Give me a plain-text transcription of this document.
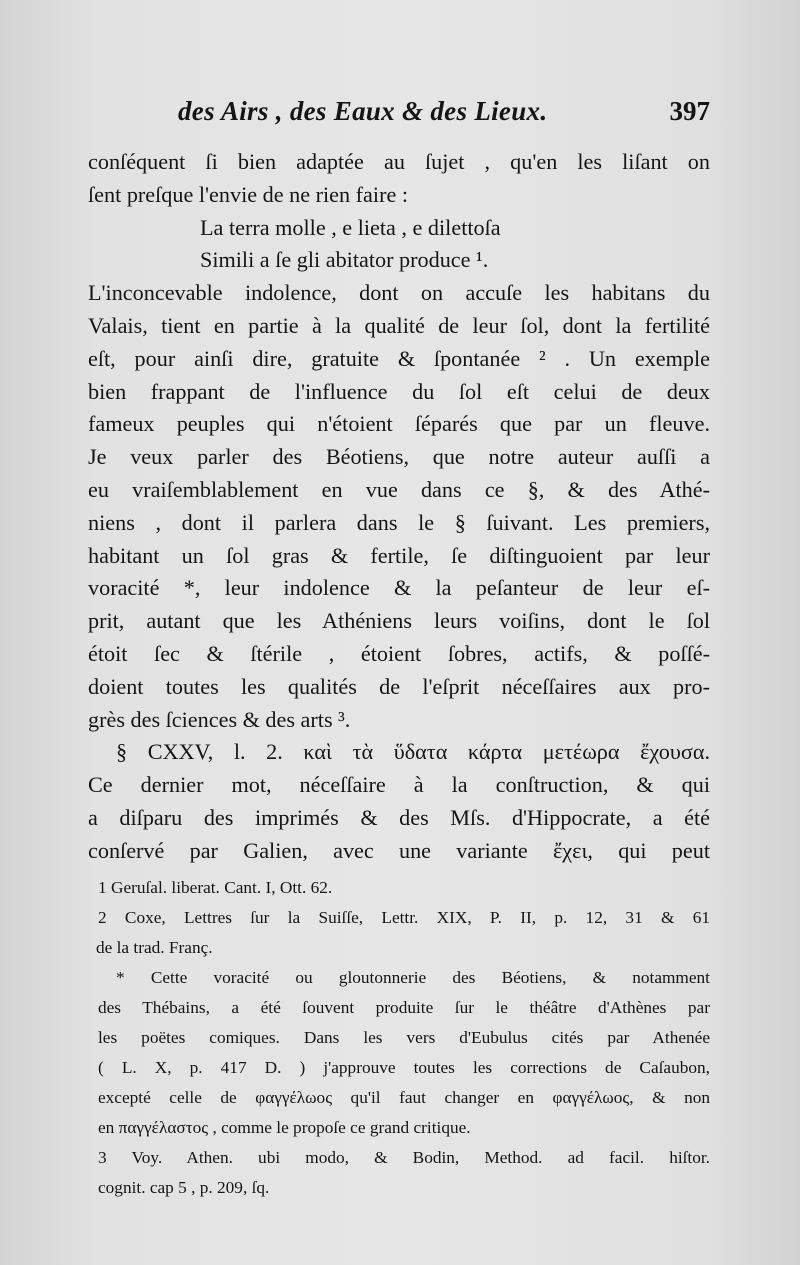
des Airs , des Eaux & des Lieux.	397
conſéquent ſi bien adaptée au ſujet , qu'en les liſant on
ſent preſque l'envie de ne rien faire :
La terra molle , e lieta , e dilettoſa
Simili a ſe gli abitator produce ¹.
L'inconcevable indolence, dont on accuſe les habitans du
Valais, tient en partie à la qualité de leur ſol, dont la fertilité
eſt, pour ainſi dire, gratuite & ſpontanée ² . Un exemple
bien frappant de l'influence du ſol eſt celui de deux
fameux peuples qui n'étoient ſéparés que par un fleuve.
Je veux parler des Béotiens, que notre auteur auſſi a
eu vraiſemblablement en vue dans ce §, & des Athé-
niens , dont il parlera dans le § ſuivant. Les premiers,
habitant un ſol gras & fertile, ſe diſtinguoient par leur
voracité *, leur indolence & la peſanteur de leur eſ-
prit, autant que les Athéniens leurs voiſins, dont le ſol
étoit ſec & ſtérile , étoient ſobres, actifs, & poſſé-
doient toutes les qualités de l'eſprit néceſſaires aux pro-
grès des ſciences & des arts ³.
§ CXXV, l. 2. καὶ τὰ ὕδατα κάρτα μετέωρα ἔχουσα.
Ce dernier mot, néceſſaire à la conſtruction, & qui
a diſparu des imprimés & des Mſs. d'Hippocrate, a été
conſervé par Galien, avec une variante ἔχει, qui peut
1 Geruſal. liberat. Cant. I, Ott. 62.
2 Coxe, Lettres ſur la Suiſſe, Lettr. XIX, P. II, p. 12, 31 & 61
de la trad. Franç.
* Cette voracité ou gloutonnerie des Béotiens, & notamment
des Thébains, a été ſouvent produite ſur le théâtre d'Athènes par
les poëtes comiques. Dans les vers d'Eubulus cités par Athenée
( L. X, p. 417 D. ) j'approuve toutes les corrections de Caſaubon,
excepté celle de φαγγέλωος qu'il faut changer en φαγγέλωος, & non
en παγγέλαστος , comme le propoſe ce grand critique.
3 Voy. Athen. ubi modo, & Bodin, Method. ad facil. hiſtor.
cognit. cap 5 , p. 209, ſq.
